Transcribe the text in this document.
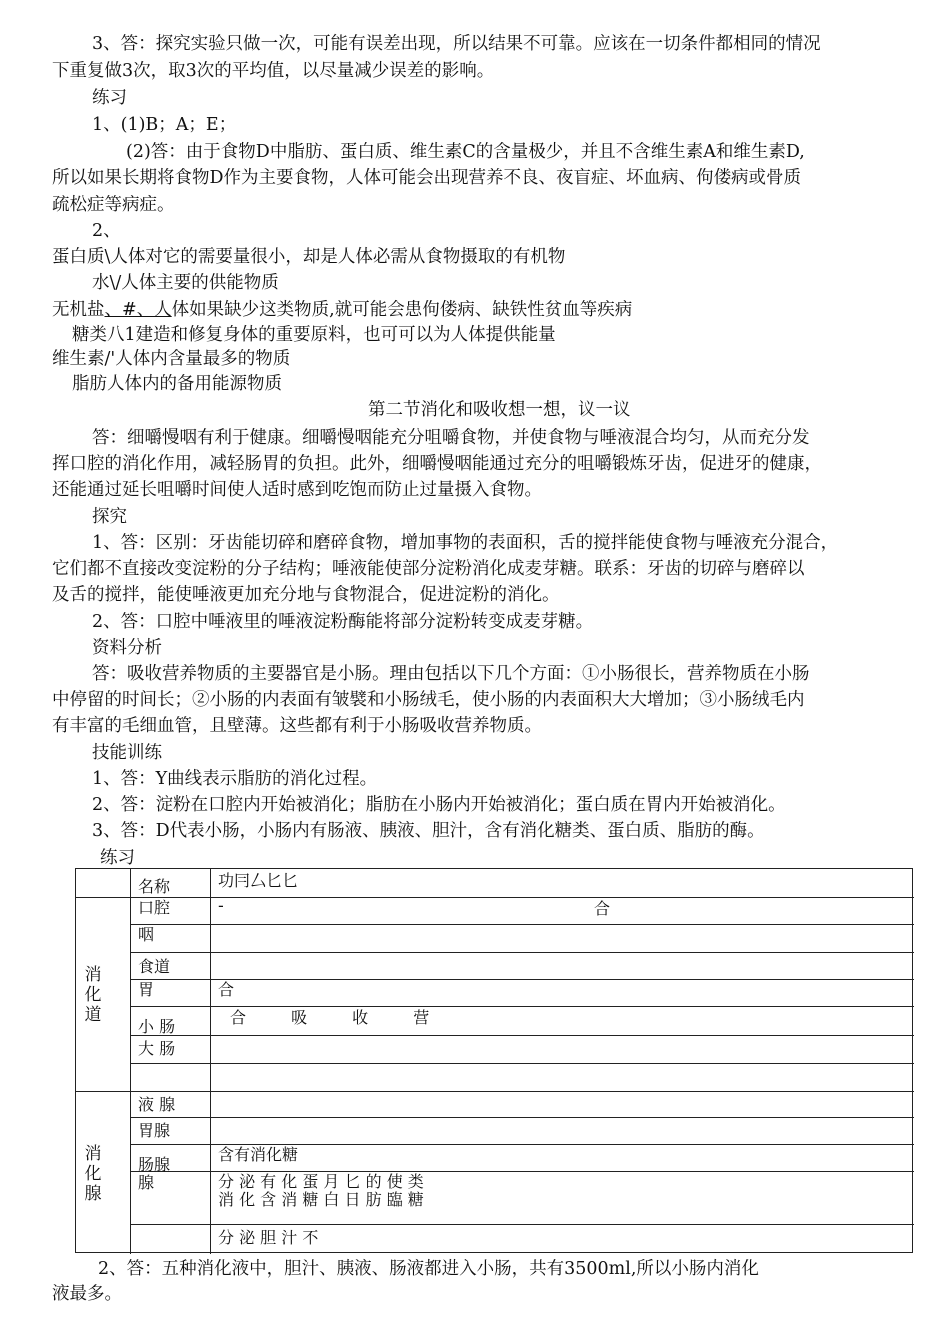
3、答：探究实验只做一次，可能有误差出现，所以结果不可靠。应该在一切条件都相同的情况
下重复做3次，取3次的平均值，以尽量减少误差的影响。
练习
1、(1)B；A；E；
(2)答：由于食物D中脂肪、蛋白质、维生素C的含量极少，并且不含维生素A和维生素D,
所以如果长期将食物D作为主要食物，人体可能会出现营养不良、夜盲症、坏血病、佝偻病或骨质
疏松症等病症。
2、
蛋白质\人体对它的需要量很小，却是人体必需从食物摄取的有机物
水\/人体主要的供能物质
无机盐、#、人体如果缺少这类物质,就可能会患佝偻病、缺铁性贫血等疾病
糖类八1建造和修复身体的重要原料，也可可以为人体提供能量
维生素/'人体内含量最多的物质
脂肪人体内的备用能源物质
第二节消化和吸收想一想，议一议
答：细嚼慢咽有利于健康。细嚼慢咽能充分咀嚼食物，并使食物与唾液混合均匀，从而充分发
挥口腔的消化作用，减轻肠胃的负担。此外，细嚼慢咽能通过充分的咀嚼锻炼牙齿，促进牙的健康，
还能通过延长咀嚼时间使人适时感到吃饱而防止过量摄入食物。
探究
1、答：区别：牙齿能切碎和磨碎食物，增加事物的表面积，舌的搅拌能使食物与唾液充分混合，
它们都不直接改变淀粉的分子结构；唾液能使部分淀粉消化成麦芽糖。联系：牙齿的切碎与磨碎以
及舌的搅拌，能使唾液更加充分地与食物混合，促进淀粉的消化。
2、答：口腔中唾液里的唾液淀粉酶能将部分淀粉转变成麦芽糖。
资料分析
答：吸收营养物质的主要器官是小肠。理由包括以下几个方面：①小肠很长，营养物质在小肠
中停留的时间长；②小肠的内表面有皱襞和小肠绒毛，使小肠的内表面积大大增加；③小肠绒毛内
有丰富的毛细血管，且壁薄。这些都有利于小肠吸收营养物质。
技能训练
1、答：Y曲线表示脂肪的消化过程。
2、答：淀粉在口腔内开始被消化；脂肪在小肠内开始被消化；蛋白质在胃内开始被消化。
3、答：D代表小肠，小肠内有肠液、胰液、胆汁，含有消化糖类、蛋白质、脂肪的酶。
练习
名称	功冃厶匕匕
消
化
道
消
化
腺
口腔
咽
食道
胃
小 肠
大 肠
液 腺
胃腺
肠腺
腺
-	合
合
合 吸 收 营
含有消化糖
分 泌 有 化 蛋 月 匕 的 使 类
消 化 含 消 糖 白 日 肪 臨 糖
分 泌 胆 汁 不
2、答：五种消化液中，胆汁、胰液、肠液都进入小肠，共有3500ml,所以小肠内消化
液最多。
